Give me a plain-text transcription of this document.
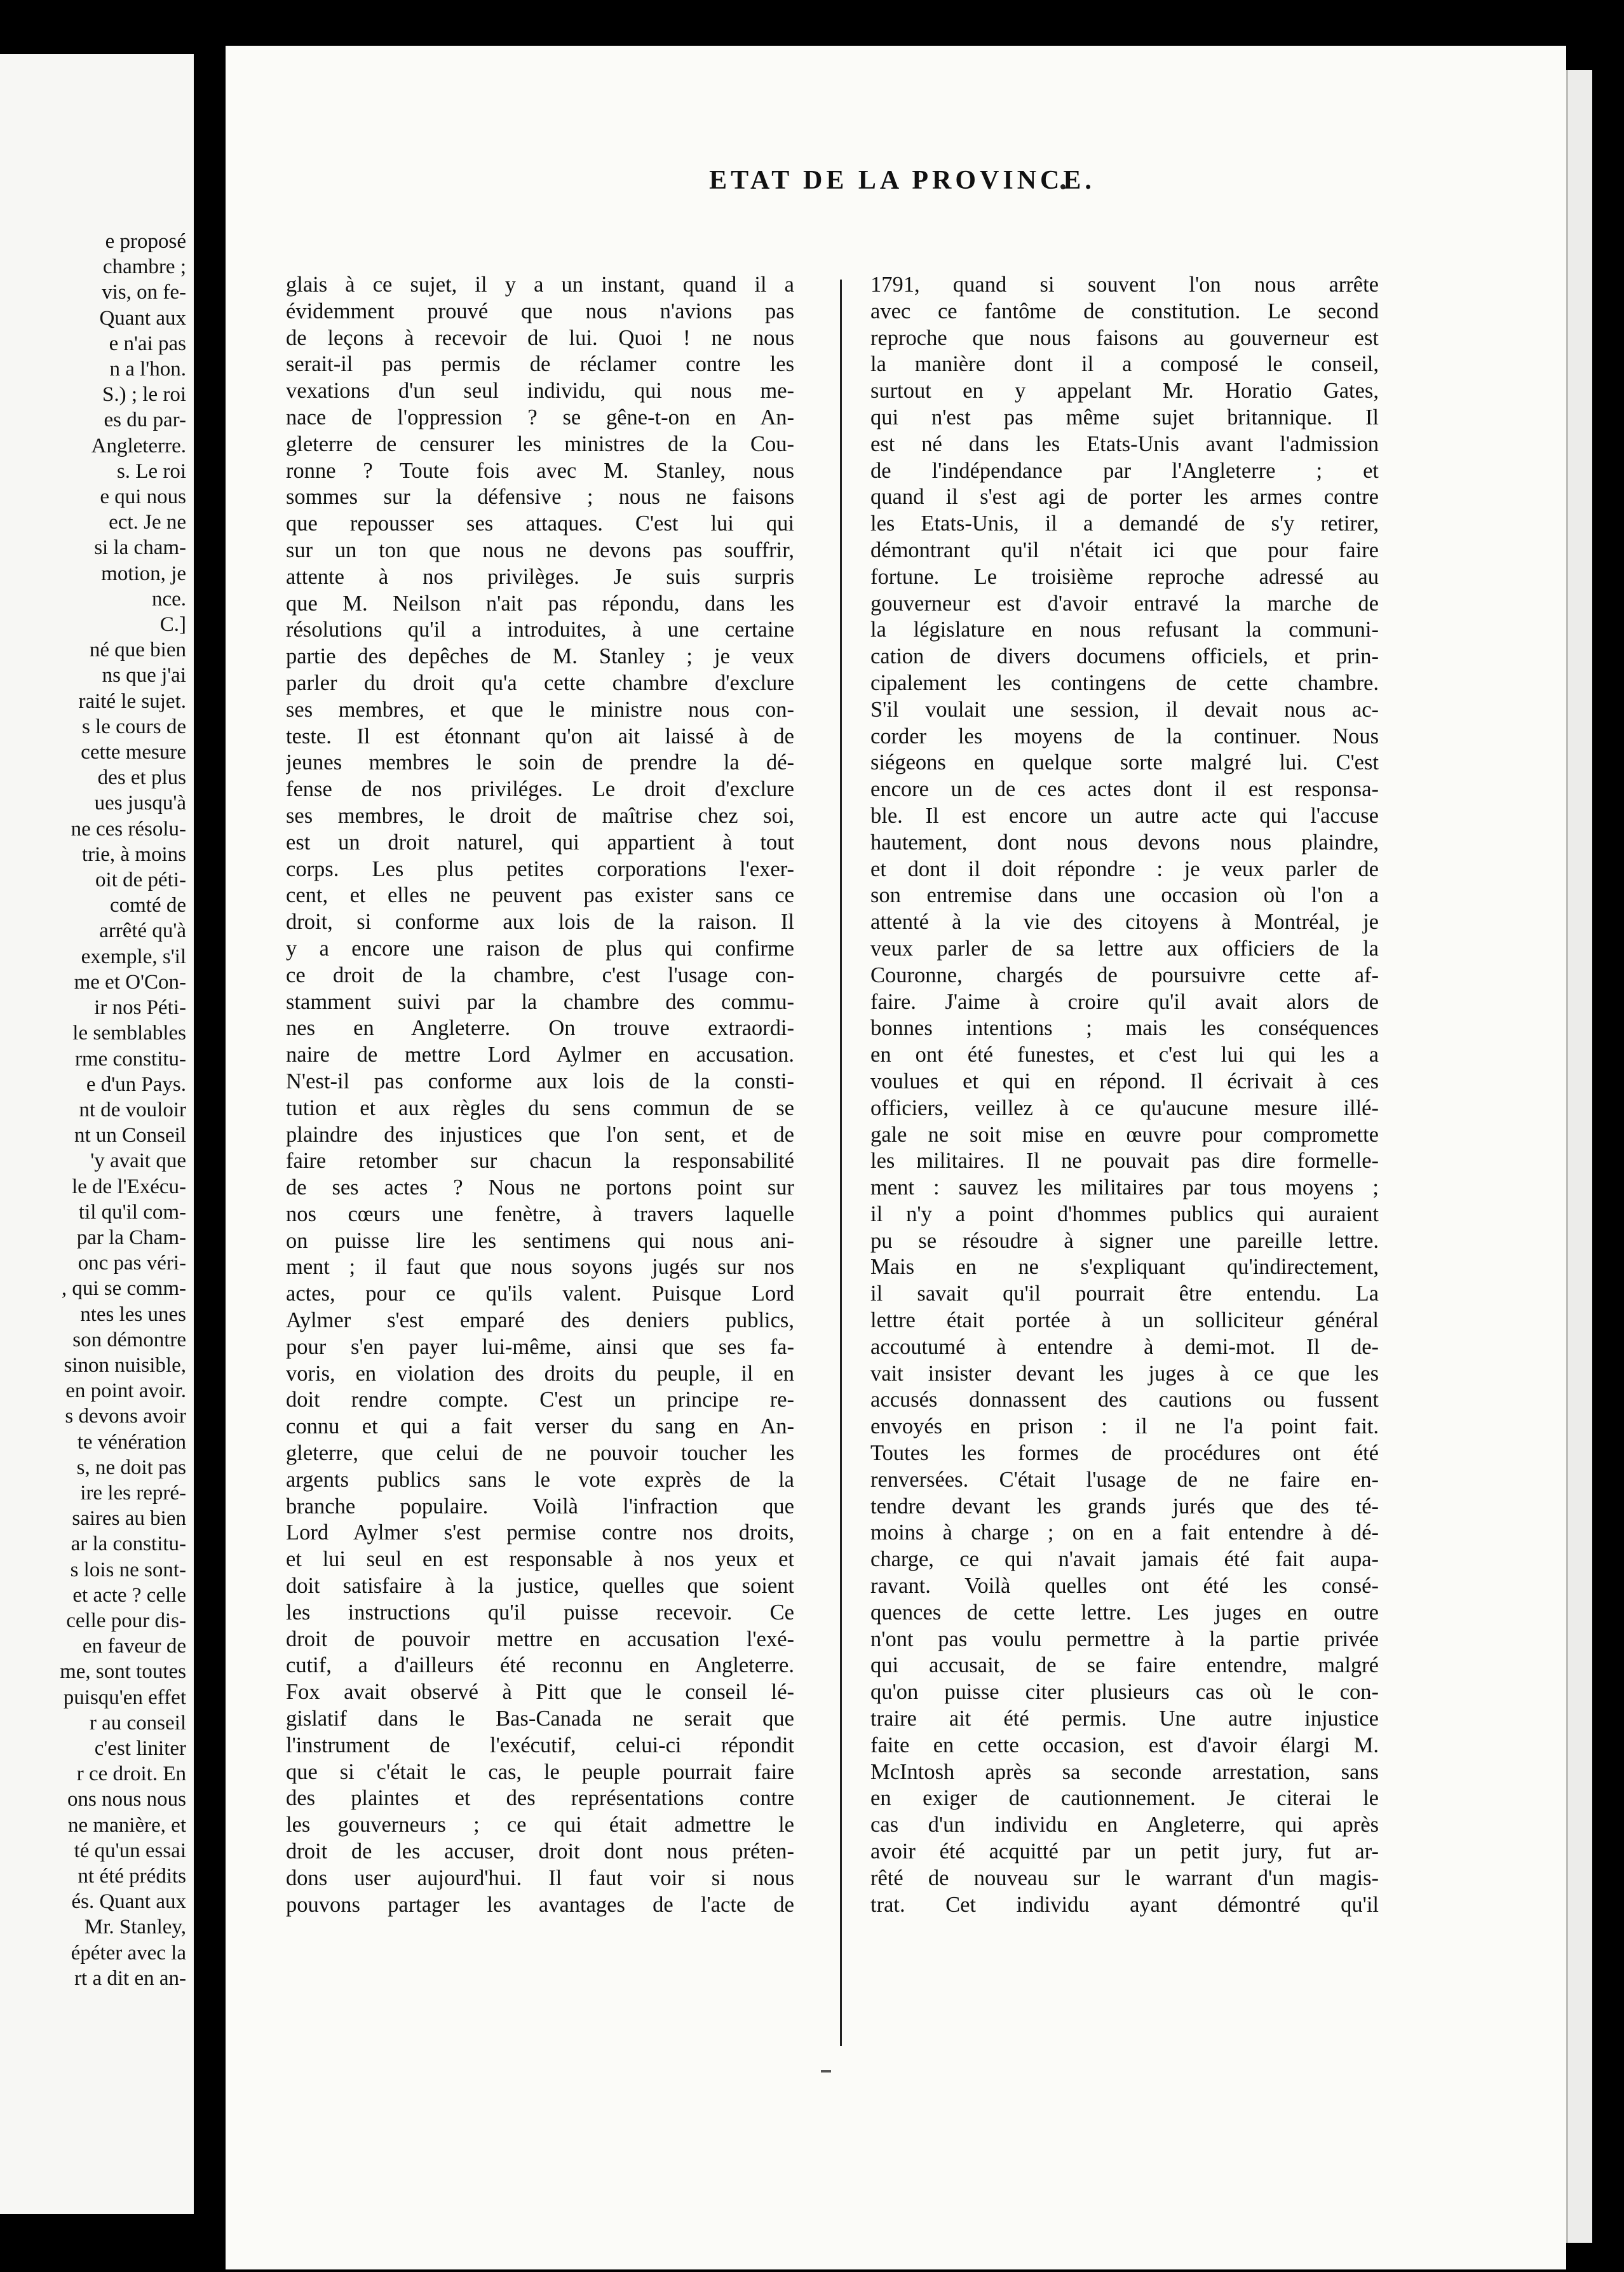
e proposé
chambre ;
vis, on fe-
Quant aux
e n'ai pas
n a l'hon.
S.) ; le roi
es du par-
Angleterre.
s. Le roi
e qui nous
ect. Je ne
si la cham-
motion, je
nce.
C.]
né que bien
ns que j'ai
raité le sujet.
s le cours de
cette mesure
des et plus
ues jusqu'à
ne ces résolu-
trie, à moins
oit de péti-
comté de
arrêté qu'à
exemple, s'il
me et O'Con-
ir nos Péti-
le semblables
rme constitu-
e d'un Pays.
nt de vouloir
nt un Conseil
'y avait que
le de l'Exécu-
til qu'il com-
par la Cham-
onc pas véri-
, qui se comm-
ntes les unes
son démontre
sinon nuisible,
en point avoir.
s devons avoir
te vénération
s, ne doit pas
ire les repré-
saires au bien
ar la constitu-
s lois ne sont-
et acte ? celle
celle pour dis-
en faveur de
me, sont toutes
puisqu'en effet
r au conseil
c'est liniter
r ce droit. En
ons nous nous
ne manière, et
té qu'un essai
nt été prédits
és. Quant aux
Mr. Stanley,
épéter avec la
rt a dit en an-
ETAT DE LA PROVINCE.
glais à ce sujet, il y a un instant, quand il a
évidemment prouvé que nous n'avions pas
de leçons à recevoir de lui. Quoi ! ne nous
serait-il pas permis de réclamer contre les
vexations d'un seul individu, qui nous me-
nace de l'oppression ? se gêne-t-on en An-
gleterre de censurer les ministres de la Cou-
ronne ? Toute fois avec M. Stanley, nous
sommes sur la défensive ; nous ne faisons
que repousser ses attaques. C'est lui qui
sur un ton que nous ne devons pas souffrir,
attente à nos privilèges. Je suis surpris
que M. Neilson n'ait pas répondu, dans les
résolutions qu'il a introduites, à une certaine
partie des depêches de M. Stanley ; je veux
parler du droit qu'a cette chambre d'exclure
ses membres, et que le ministre nous con-
teste. Il est étonnant qu'on ait laissé à de
jeunes membres le soin de prendre la dé-
fense de nos priviléges. Le droit d'exclure
ses membres, le droit de maîtrise chez soi,
est un droit naturel, qui appartient à tout
corps. Les plus petites corporations l'exer-
cent, et elles ne peuvent pas exister sans ce
droit, si conforme aux lois de la raison. Il
y a encore une raison de plus qui confirme
ce droit de la chambre, c'est l'usage con-
stamment suivi par la chambre des commu-
nes en Angleterre. On trouve extraordi-
naire de mettre Lord Aylmer en accusation.
N'est-il pas conforme aux lois de la consti-
tution et aux règles du sens commun de se
plaindre des injustices que l'on sent, et de
faire retomber sur chacun la responsabilité
de ses actes ? Nous ne portons point sur
nos cœurs une fenètre, à travers laquelle
on puisse lire les sentimens qui nous ani-
ment ; il faut que nous soyons jugés sur nos
actes, pour ce qu'ils valent. Puisque Lord
Aylmer s'est emparé des deniers publics,
pour s'en payer lui-même, ainsi que ses fa-
voris, en violation des droits du peuple, il en
doit rendre compte. C'est un principe re-
connu et qui a fait verser du sang en An-
gleterre, que celui de ne pouvoir toucher les
argents publics sans le vote exprès de la
branche populaire. Voilà l'infraction que
Lord Aylmer s'est permise contre nos droits,
et lui seul en est responsable à nos yeux et
doit satisfaire à la justice, quelles que soient
les instructions qu'il puisse recevoir. Ce
droit de pouvoir mettre en accusation l'exé-
cutif, a d'ailleurs été reconnu en Angleterre.
Fox avait observé à Pitt que le conseil lé-
gislatif dans le Bas-Canada ne serait que
l'instrument de l'exécutif, celui-ci répondit
que si c'était le cas, le peuple pourrait faire
des plaintes et des représentations contre
les gouverneurs ; ce qui était admettre le
droit de les accuser, droit dont nous préten-
dons user aujourd'hui. Il faut voir si nous
pouvons partager les avantages de l'acte de
1791, quand si souvent l'on nous arrête
avec ce fantôme de constitution. Le second
reproche que nous faisons au gouverneur est
la manière dont il a composé le conseil,
surtout en y appelant Mr. Horatio Gates,
qui n'est pas même sujet britannique. Il
est né dans les Etats-Unis avant l'admission
de l'indépendance par l'Angleterre ; et
quand il s'est agi de porter les armes contre
les Etats-Unis, il a demandé de s'y retirer,
démontrant qu'il n'était ici que pour faire
fortune. Le troisième reproche adressé au
gouverneur est d'avoir entravé la marche de
la législature en nous refusant la communi-
cation de divers documens officiels, et prin-
cipalement les contingens de cette chambre.
S'il voulait une session, il devait nous ac-
corder les moyens de la continuer. Nous
siégeons en quelque sorte malgré lui. C'est
encore un de ces actes dont il est responsa-
ble. Il est encore un autre acte qui l'accuse
hautement, dont nous devons nous plaindre,
et dont il doit répondre : je veux parler de
son entremise dans une occasion où l'on a
attenté à la vie des citoyens à Montréal, je
veux parler de sa lettre aux officiers de la
Couronne, chargés de poursuivre cette af-
faire. J'aime à croire qu'il avait alors de
bonnes intentions ; mais les conséquences
en ont été funestes, et c'est lui qui les a
voulues et qui en répond. Il écrivait à ces
officiers, veillez à ce qu'aucune mesure illé-
gale ne soit mise en œuvre pour compromette
les militaires. Il ne pouvait pas dire formelle-
ment : sauvez les militaires par tous moyens ;
il n'y a point d'hommes publics qui auraient
pu se résoudre à signer une pareille lettre.
Mais en ne s'expliquant qu'indirectement,
il savait qu'il pourrait être entendu. La
lettre était portée à un solliciteur général
accoutumé à entendre à demi-mot. Il de-
vait insister devant les juges à ce que les
accusés donnassent des cautions ou fussent
envoyés en prison : il ne l'a point fait.
Toutes les formes de procédures ont été
renversées. C'était l'usage de ne faire en-
tendre devant les grands jurés que des té-
moins à charge ; on en a fait entendre à dé-
charge, ce qui n'avait jamais été fait aupa-
ravant. Voilà quelles ont été les consé-
quences de cette lettre. Les juges en outre
n'ont pas voulu permettre à la partie privée
qui accusait, de se faire entendre, malgré
qu'on puisse citer plusieurs cas où le con-
traire ait été permis. Une autre injustice
faite en cette occasion, est d'avoir élargi M.
McIntosh après sa seconde arrestation, sans
en exiger de cautionnement. Je citerai le
cas d'un individu en Angleterre, qui après
avoir été acquitté par un petit jury, fut ar-
rêté de nouveau sur le warrant d'un magis-
trat. Cet individu ayant démontré qu'il
